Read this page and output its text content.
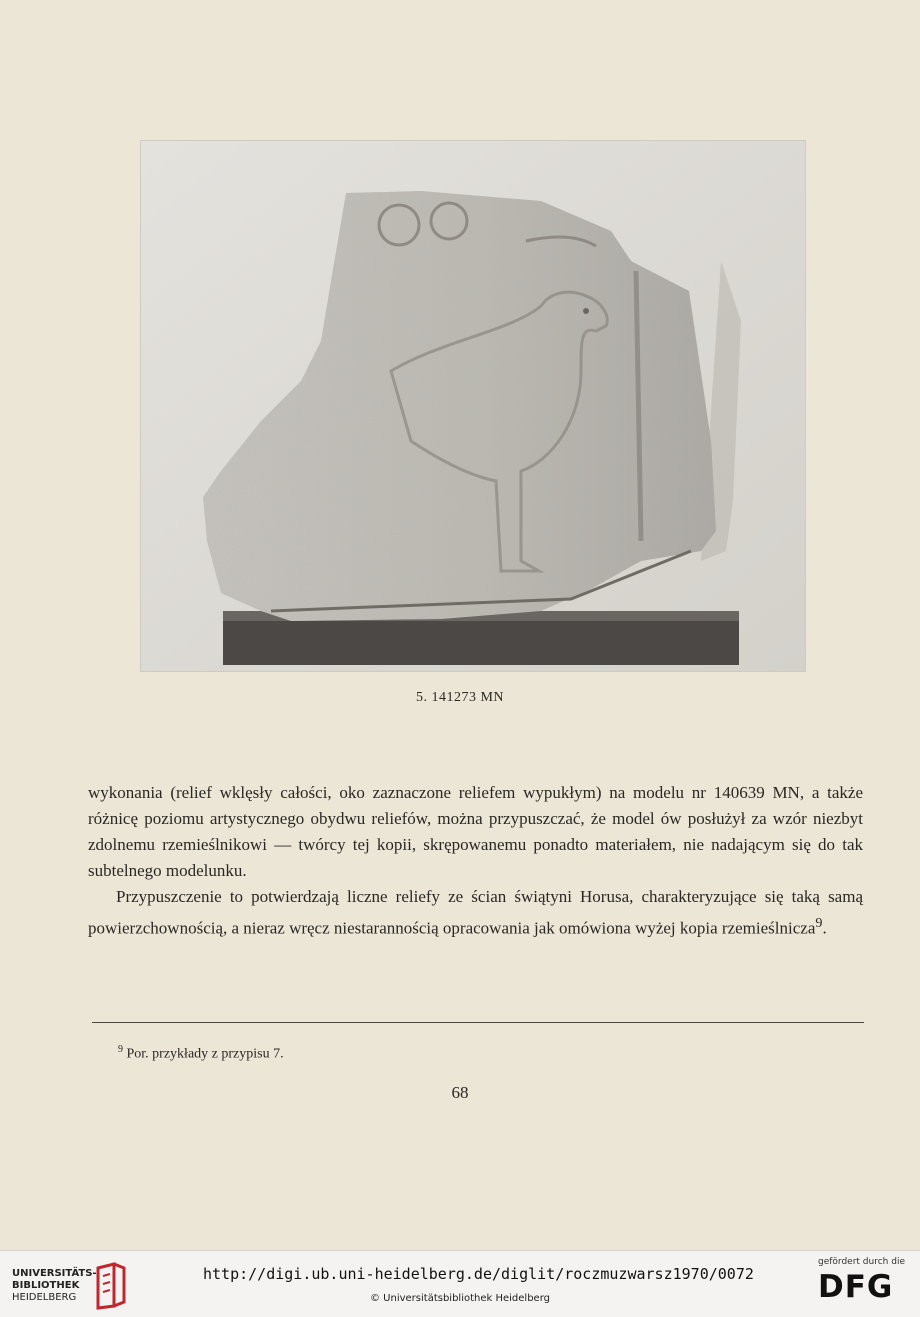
5. 141273 MN

wykonania (relief wklęsły całości, oko zaznaczone reliefem wypukłym) na modelu nr 140639 MN, a także różnicę poziomu artystycznego obydwu reliefów, można przypuszczać, że model ów posłużył za wzór niezbyt zdolnemu rzemieślnikowi — twórcy tej kopii, skrępowanemu ponadto materiałem, nie nadającym się do tak subtelnego modelunku.

Przypuszczenie to potwierdzają liczne reliefy ze ścian świątyni Horusa, charakteryzujące się taką samą powierzchownością, a nieraz wręcz niestarannością opracowania jak omówiona wyżej kopia rzemieślnicza$^9$.

$^9$ Por. przykłady z przypisu 7.
68
UNIVERSITÄTS-
BIBLIOTHEK
HEIDELBERG
http://digi.ub.uni-heidelberg.de/diglit/roczmuzwarsz1970/0072
© Universitätsbibliothek Heidelberg
gefördert durch die
DFG
